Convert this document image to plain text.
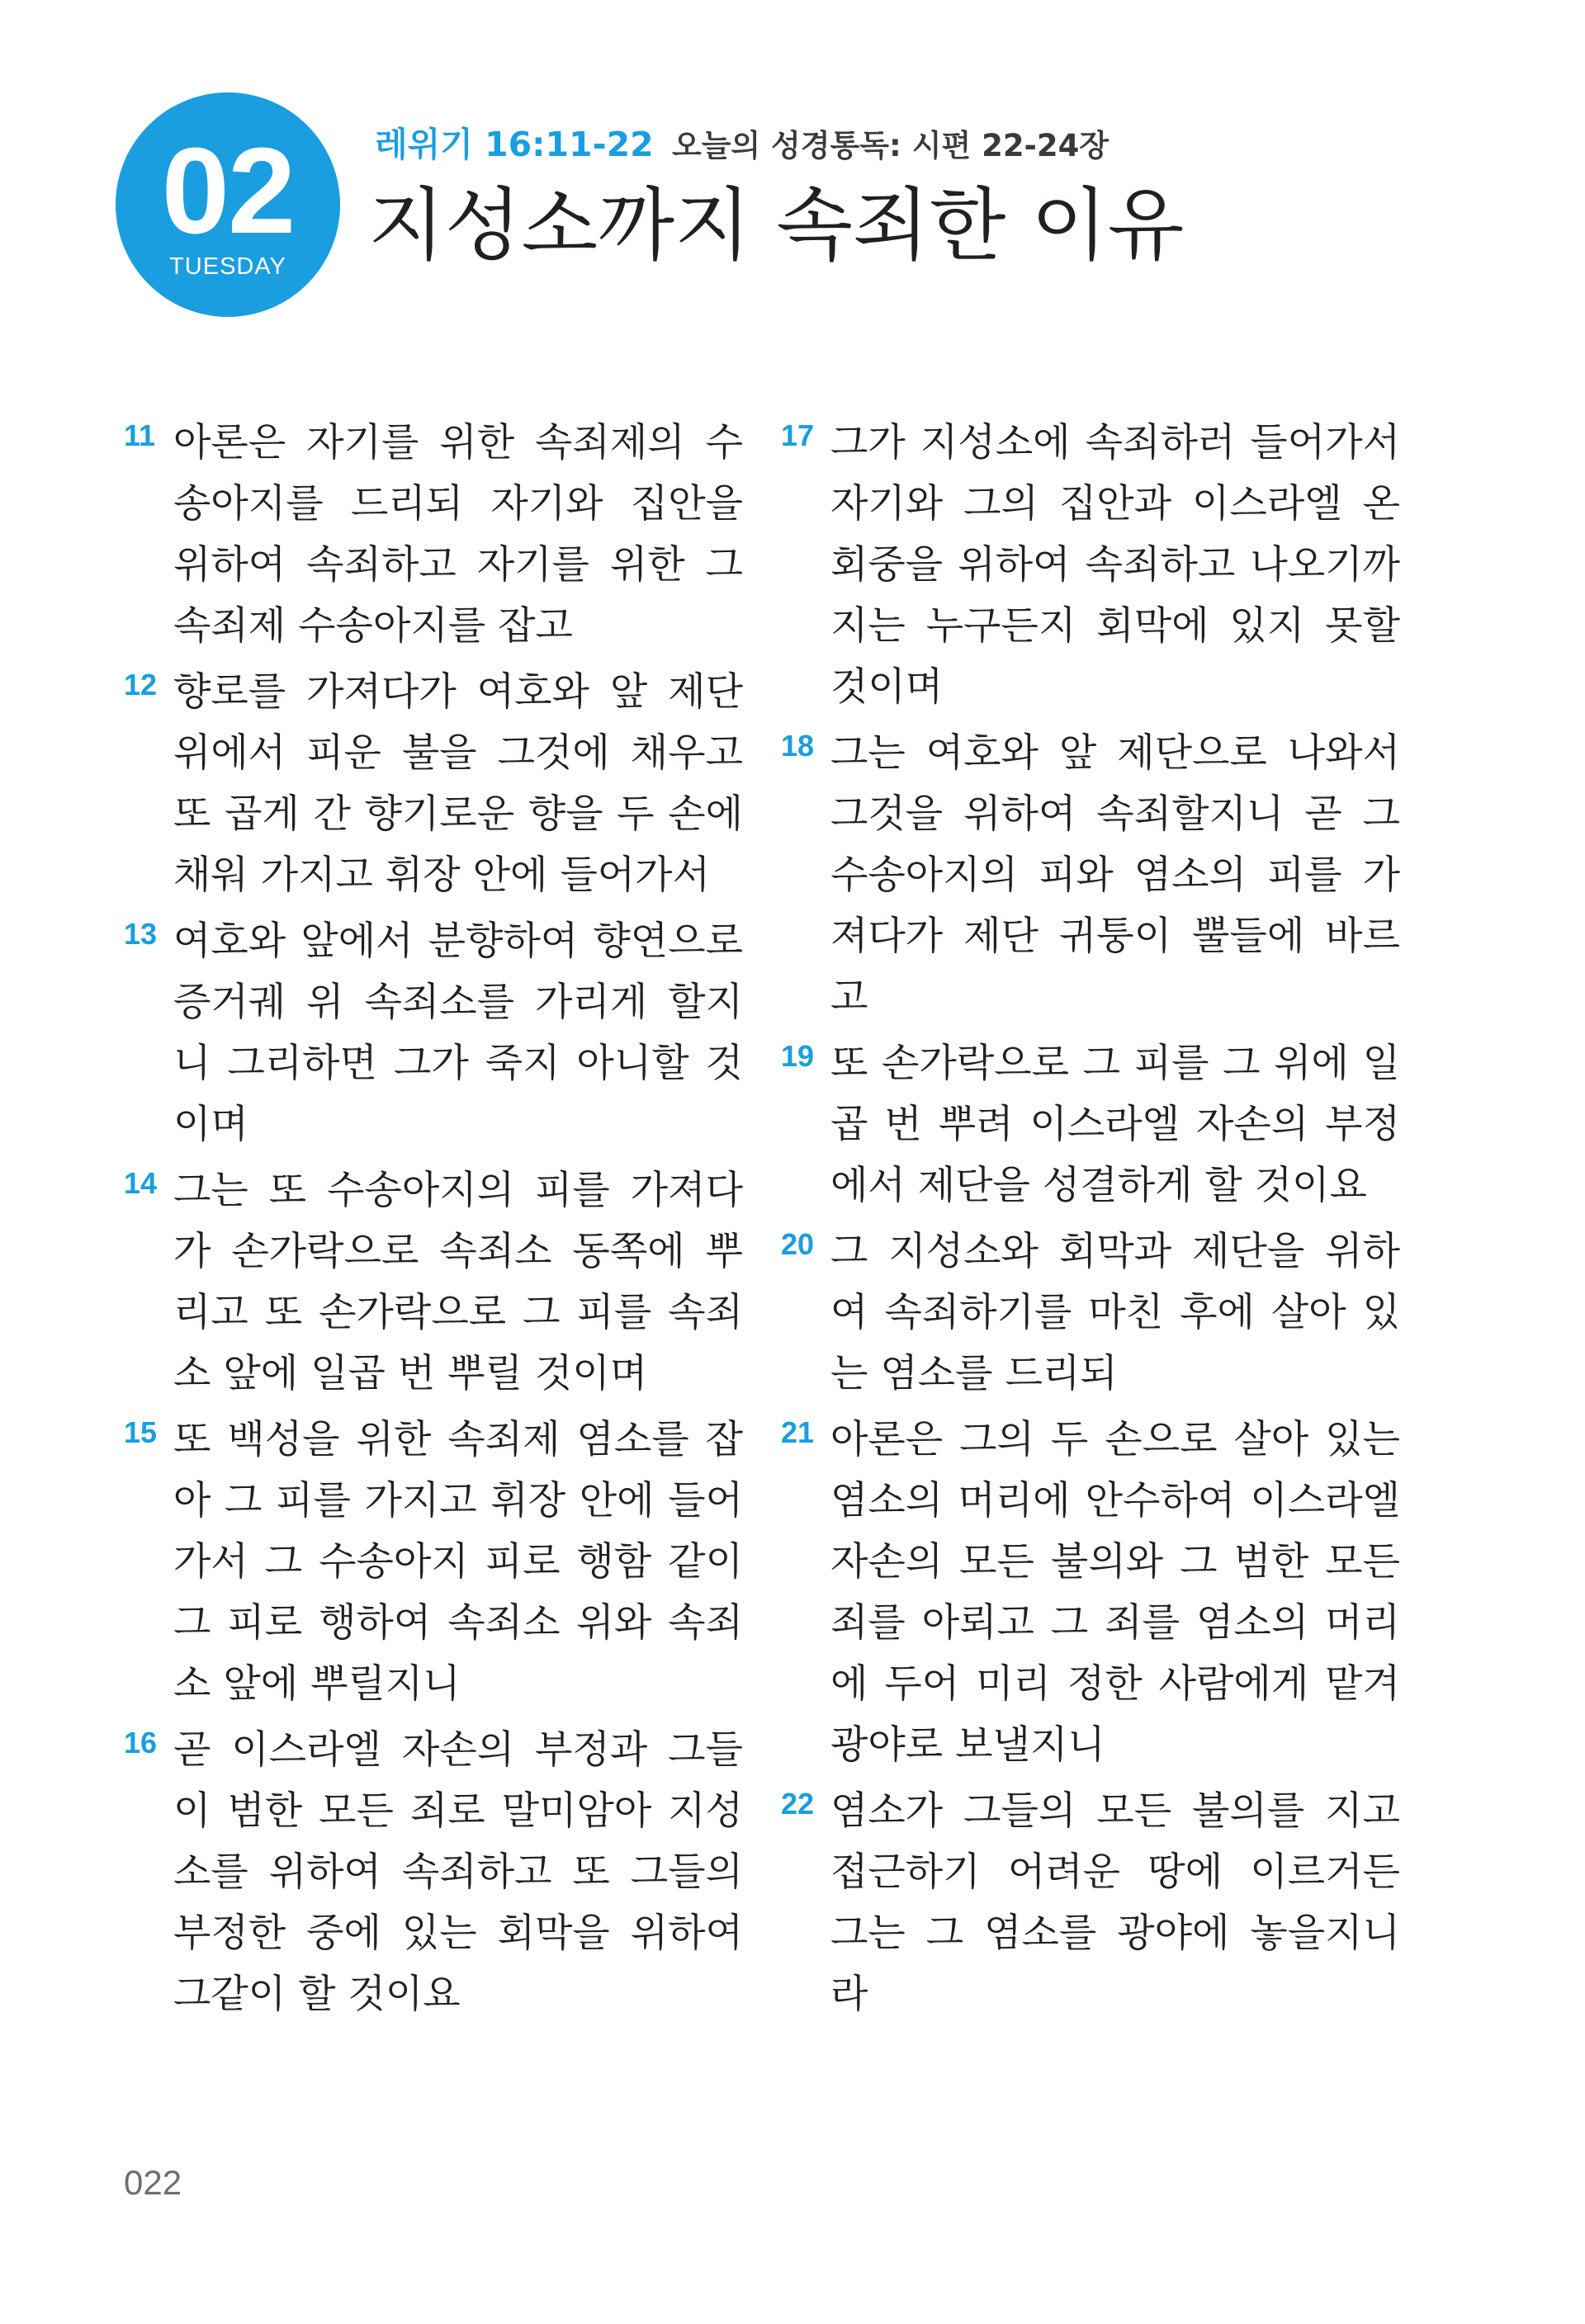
02
TUESDAY
레위기 16:11-22 오늘의 성경통독: 시편 22-24장
지성소까지 속죄한 이유
11 아론은 자기를 위한 속죄제의 수송아지를 드리되 자기와 집안을 위하여 속죄하고 자기를 위한 그 속죄제 수송아지를 잡고
12 향로를 가져다가 여호와 앞 제단 위에서 피운 불을 그것에 채우고 또 곱게 간 향기로운 향을 두 손에 채워 가지고 휘장 안에 들어가서
13 여호와 앞에서 분향하여 향연으로 증거궤 위 속죄소를 가리게 할지니 그리하면 그가 죽지 아니할 것이며
14 그는 또 수송아지의 피를 가져다가 손가락으로 속죄소 동쪽에 뿌리고 또 손가락으로 그 피를 속죄소 앞에 일곱 번 뿌릴 것이며
15 또 백성을 위한 속죄제 염소를 잡아 그 피를 가지고 휘장 안에 들어가서 그 수송아지 피로 행함 같이 그 피로 행하여 속죄소 위와 속죄소 앞에 뿌릴지니
16 곧 이스라엘 자손의 부정과 그들이 범한 모든 죄로 말미암아 지성소를 위하여 속죄하고 또 그들의 부정한 중에 있는 회막을 위하여 그같이 할 것이요
17 그가 지성소에 속죄하러 들어가서 자기와 그의 집안과 이스라엘 온 회중을 위하여 속죄하고 나오기까지는 누구든지 회막에 있지 못할 것이며
18 그는 여호와 앞 제단으로 나와서 그것을 위하여 속죄할지니 곧 그 수송아지의 피와 염소의 피를 가져다가 제단 귀퉁이 뿔들에 바르고
19 또 손가락으로 그 피를 그 위에 일곱 번 뿌려 이스라엘 자손의 부정에서 제단을 성결하게 할 것이요
20 그 지성소와 회막과 제단을 위하여 속죄하기를 마친 후에 살아 있는 염소를 드리되
21 아론은 그의 두 손으로 살아 있는 염소의 머리에 안수하여 이스라엘 자손의 모든 불의와 그 범한 모든 죄를 아뢰고 그 죄를 염소의 머리에 두어 미리 정한 사람에게 맡겨 광야로 보낼지니
22 염소가 그들의 모든 불의를 지고 접근하기 어려운 땅에 이르거든 그는 그 염소를 광야에 놓을지니라
022
